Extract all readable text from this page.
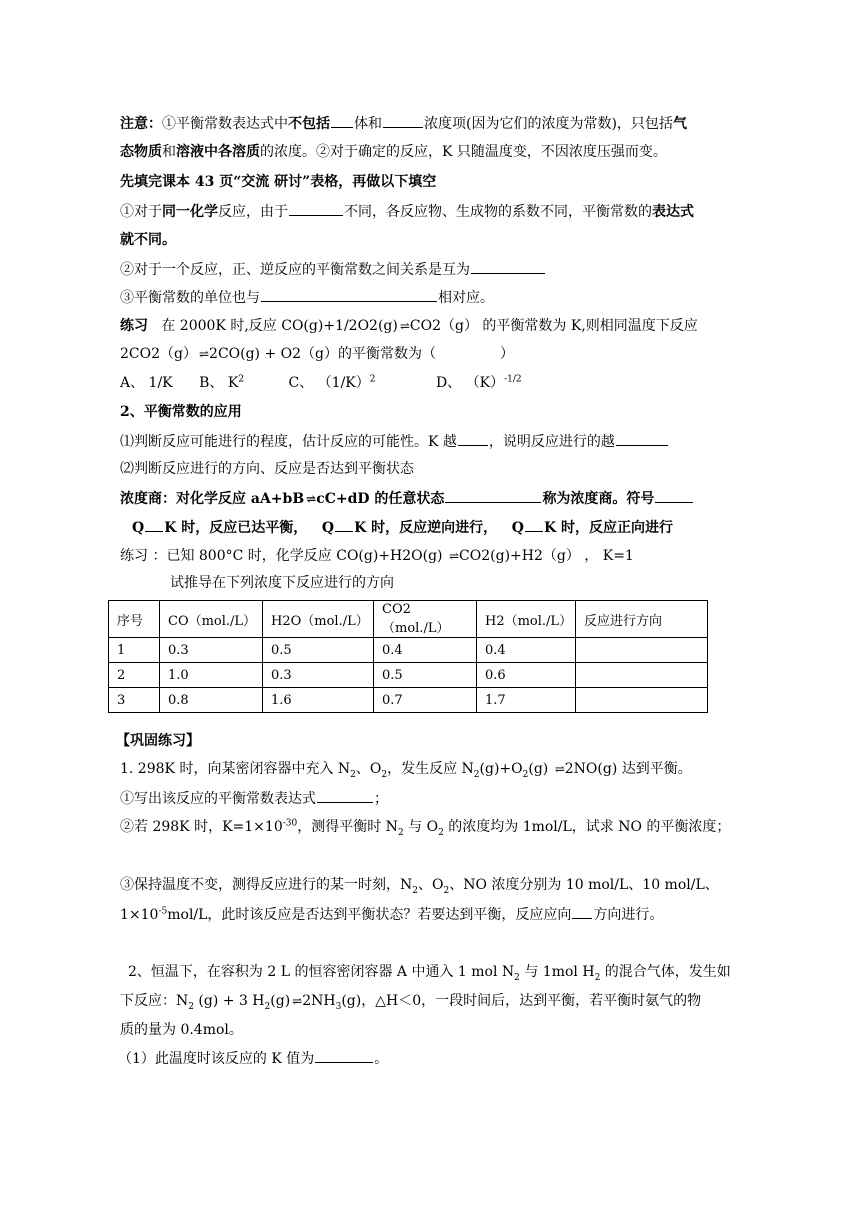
注意：①平衡常数表达式中不包括 体和	浓度项(因为它们的浓度为常数)，只包括气
态物质和溶液中各溶质的浓度。②对于确定的反应，K 只随温度变，不因浓度压强而变。
先填完课本 43 页“交流 研讨”表格，再做以下填空
①对于同一化学反应，由于	不同，各反应物、生成物的系数不同，平衡常数的表达式
就不同。
②对于一个反应，正、逆反应的平衡常数之间关系是互为
③平衡常数的单位也与	相对应。
练习 在 2000K 时,反应 CO(g)+1/2O2(g) ⇌ CO2（g） 的平衡常数为 K,则相同温度下反应
2CO2（g） ⇌ 2CO(g) + O2（g）的平衡常数为（	）
A、 1/K B、 $K^2$	C、 $(1/K)^2$	D、 $(K)^{-1/2}$
2、平衡常数的应用
⑴判断反应可能进行的程度，估计反应的可能性。K 越 ，说明反应进行的越
⑵判断反应进行的方向、反应是否达到平衡状态
浓度商：对化学反应 aA+bB ⇌ cC+dD 的任意状态	称为浓度商。符号
Q K 时，反应已达平衡， Q K 时，反应逆向进行， Q K 时，反应正向进行
练习 ：已知 800°C 时，化学反应 CO(g)+H2O(g) ⇌ CO2(g)+H2（g） ， K=1
试推导在下列浓度下反应进行的方向
序号	CO（mol./L）	H2O（mol./L）	CO2（mol./L）	H2（mol./L）	反应进行方向
1	0.3	0.5	0.4	0.4	
2	1.0	0.3	0.5	0.6	
3	0.8	1.6	0.7	1.7	
【巩固练习】
1. 298K 时，向某密闭容器中充入 $N_2$、$O_2$，发生反应 $N_2(g)+O_2(g)$ ⇌ 2NO(g) 达到平衡。
①写出该反应的平衡常数表达式	；
②若 298K 时，$K=1\times 10^{-30}$，测得平衡时 $N_2$ 与 $O_2$ 的浓度均为 1mol/L，试求 NO 的平衡浓度；
③保持温度不变，测得反应进行的某一时刻，$N_2$、$O_2$、NO 浓度分别为 10 mol/L、10 mol/L、
$1\times 10^{-5}mol/L$，此时该反应是否达到平衡状态？若要达到平衡，反应应向 方向进行。
2、恒温下，在容积为 2 L 的恒容密闭容器 A 中通入 1 mol $N_2$ 与 1mol $H_2$ 的混合气体，发生如
下反应：$N_2$ (g) + 3 $H_2(g)$ ⇌ $2NH_3(g)$，△H＜0，一段时间后，达到平衡，若平衡时氨气的物
质的量为 0.4mol。
（1）此温度时该反应的 K 值为	。
